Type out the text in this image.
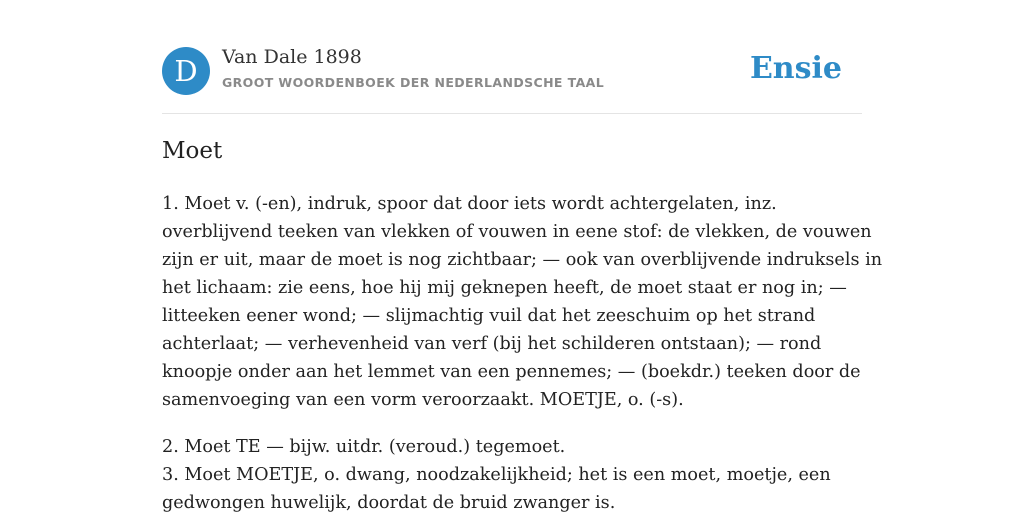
D	Van Dale 1898
GROOT WOORDENBOEK DER NEDERLANDSCHE TAAL	Ensie
Moet

1. Moet v. (-en), indruk, spoor dat door iets wordt achtergelaten, inz.
overblijvend teeken van vlekken of vouwen in eene stof: de vlekken, de vouwen
zijn er uit, maar de moet is nog zichtbaar; — ook van overblijvende indruksels in
het lichaam: zie eens, hoe hij mij geknepen heeft, de moet staat er nog in; —
litteeken eener wond; — slijmachtig vuil dat het zeeschuim op het strand
achterlaat; — verhevenheid van verf (bij het schilderen ontstaan); — rond
knoopje onder aan het lemmet van een pennemes; — (boekdr.) teeken door de
samenvoeging van een vorm veroorzaakt. MOETJE, o. (-s).

2. Moet TE — bijw. uitdr. (veroud.) tegemoet.
3. Moet MOETJE, o. dwang, noodzakelijkheid; het is een moet, moetje, een
gedwongen huwelijk, doordat de bruid zwanger is.
